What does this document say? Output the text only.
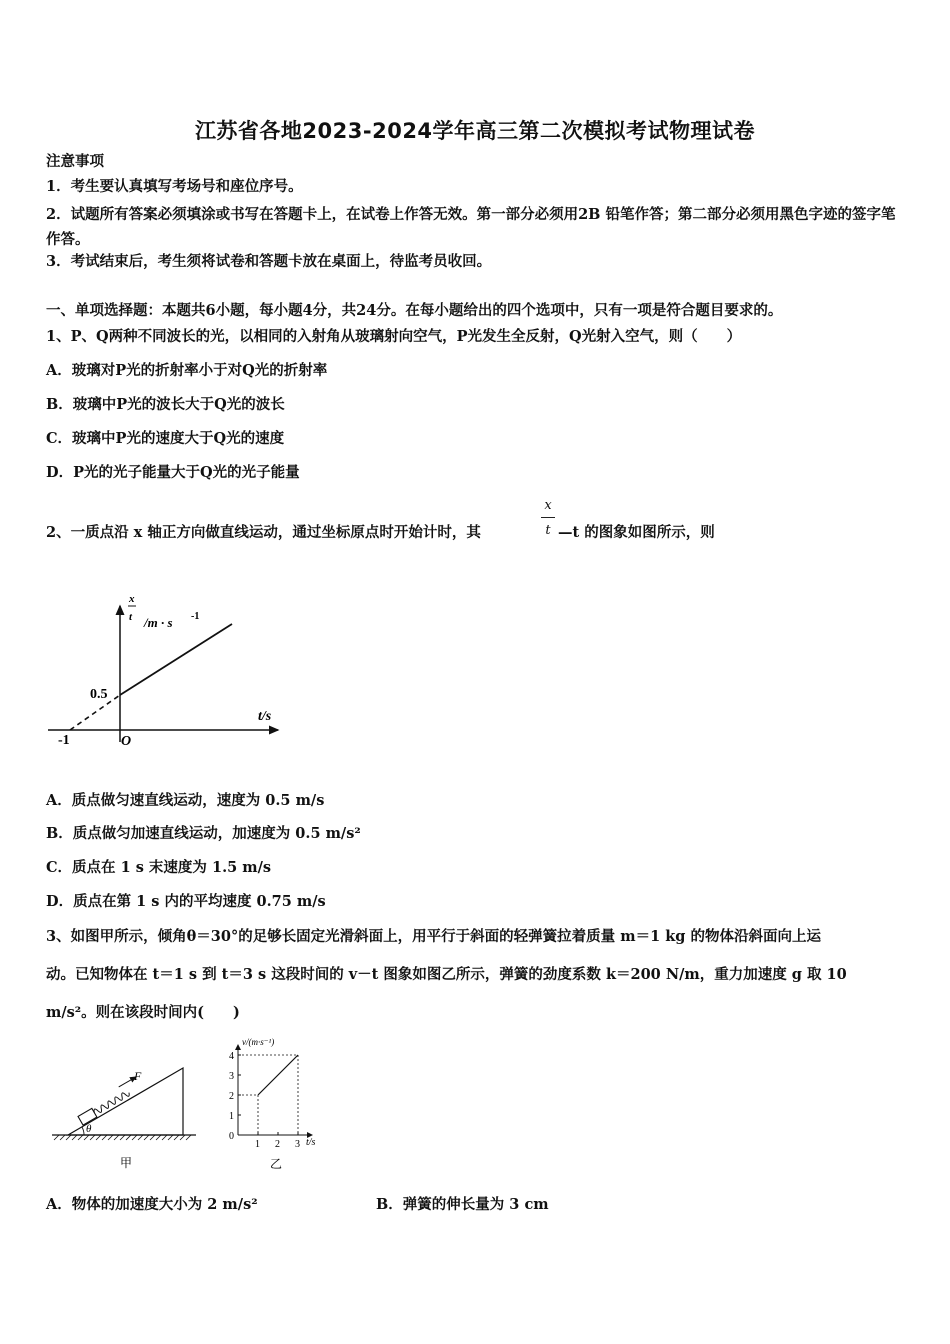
江苏省各地2023-2024学年高三第二次模拟考试物理试卷
注意事项
1．考生要认真填写考场号和座位序号。
2．试题所有答案必须填涂或书写在答题卡上，在试卷上作答无效。第一部分必须用2B 铅笔作答；第二部分必须用黑色字迹的签字笔作答。
3．考试结束后，考生须将试卷和答题卡放在桌面上，待监考员收回。
一、单项选择题：本题共6小题，每小题4分，共24分。在每小题给出的四个选项中，只有一项是符合题目要求的。
1、P、Q两种不同波长的光，以相同的入射角从玻璃射向空气，P光发生全反射，Q光射入空气，则（　　）
A．玻璃对P光的折射率小于对Q光的折射率
B．玻璃中P光的波长大于Q光的波长
C．玻璃中P光的速度大于Q光的速度
D．P光的光子能量大于Q光的光子能量
2、一质点沿 x 轴正方向做直线运动，通过坐标原点时开始计时，其
x
t —t 的图象如图所示，则
x
t /m · s -1
0.5
t/s
-1	O
A．质点做匀速直线运动，速度为 0.5 m/s
B．质点做匀加速直线运动，加速度为 0.5 m/s²
C．质点在 1 s 末速度为 1.5 m/s
D．质点在第 1 s 内的平均速度 0.75 m/s
3、如图甲所示，倾角θ＝30°的足够长固定光滑斜面上，用平行于斜面的轻弹簧拉着质量 m＝1 kg 的物体沿斜面向上运
动。已知物体在 t＝1 s 到 t＝3 s 这段时间的 v－t 图象如图乙所示，弹簧的劲度系数 k＝200 N/m，重力加速度 g 取 10
m/s²。则在该段时间内(　　)
θ
F
甲
0
1
2
3
4
1 2 3
v/(m·s⁻¹)
t/s
乙
A．物体的加速度大小为 2 m/s²	B．弹簧的伸长量为 3 cm
